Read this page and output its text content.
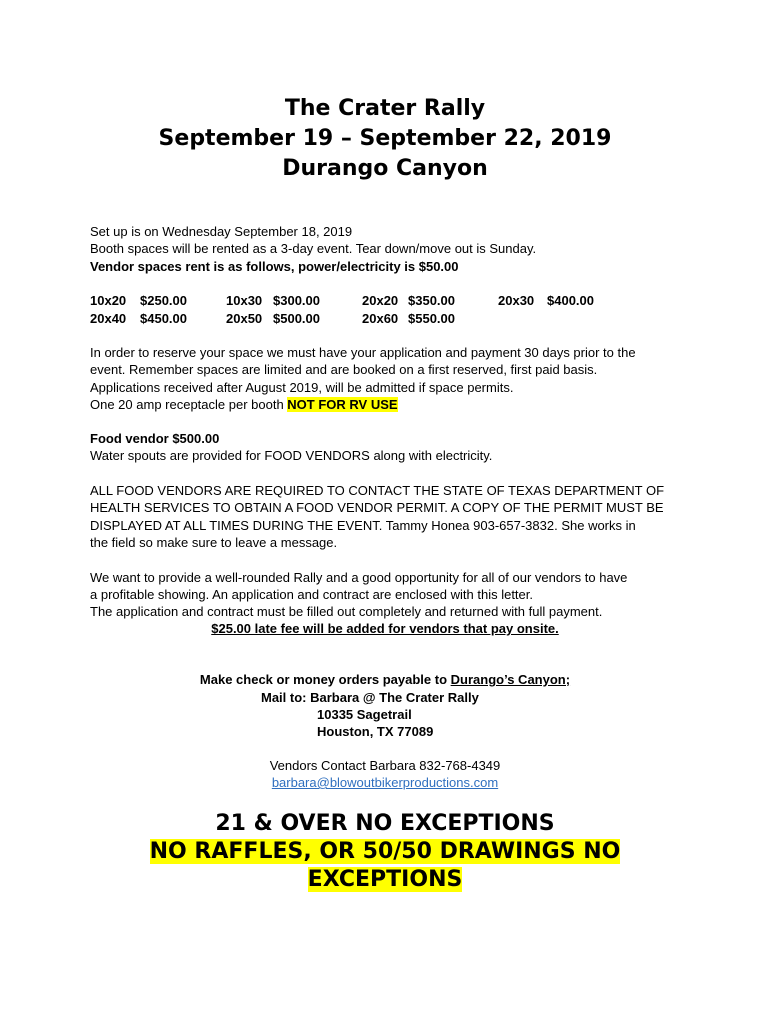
The Crater Rally
September 19 – September 22, 2019
Durango Canyon
Set up is on Wednesday September 18, 2019
Booth spaces will be rented as a 3-day event. Tear down/move out is Sunday.
Vendor spaces rent is as follows, power/electricity is $50.00
10x20 $250.00	10x30 $300.00	20x20 $350.00	20x30 $400.00
20x40 $450.00	20x50 $500.00	20x60 $550.00
In order to reserve your space we must have your application and payment 30 days prior to the
event. Remember spaces are limited and are booked on a first reserved, first paid basis.
Applications received after August 2019, will be admitted if space permits.
One 20 amp receptacle per booth NOT FOR RV USE
Food vendor $500.00
Water spouts are provided for FOOD VENDORS along with electricity.
ALL FOOD VENDORS ARE REQUIRED TO CONTACT THE STATE OF TEXAS DEPARTMENT OF
HEALTH SERVICES TO OBTAIN A FOOD VENDOR PERMIT. A COPY OF THE PERMIT MUST BE
DISPLAYED AT ALL TIMES DURING THE EVENT. Tammy Honea 903-657-3832. She works in
the field so make sure to leave a message.
We want to provide a well-rounded Rally and a good opportunity for all of our vendors to have
a profitable showing. An application and contract are enclosed with this letter.
The application and contract must be filled out completely and returned with full payment.
$25.00 late fee will be added for vendors that pay onsite.
Make check or money orders payable to Durango’s Canyon;
Mail to: Barbara @ The Crater Rally
10335 Sagetrail
Houston, TX 77089
Vendors Contact Barbara 832-768-4349
barbara@blowoutbikerproductions.com
21 & OVER NO EXCEPTIONS
NO RAFFLES, OR 50/50 DRAWINGS NO
EXCEPTIONS
